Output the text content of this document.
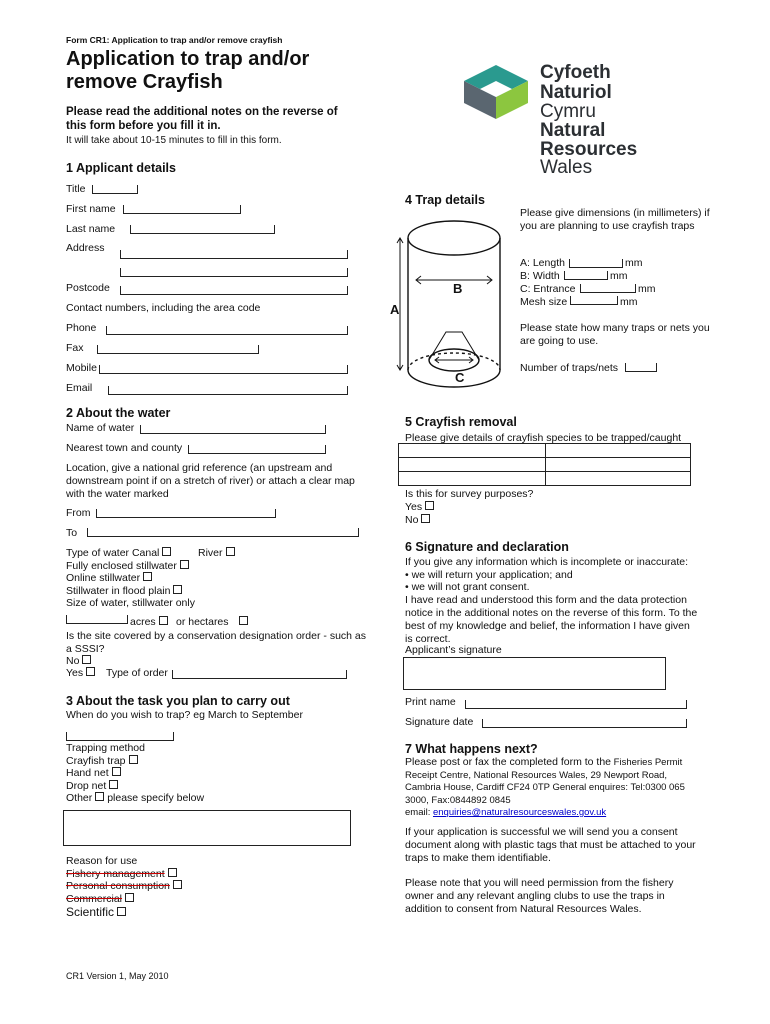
Form CR1: Application to trap and/or remove crayfish
Application to trap and/or
remove Crayfish
Please read the additional notes on the reverse of
this form before you fill it in.
It will take about 10-15 minutes to fill in this form.
Cyfoeth
Naturiol
Cymru
Natural
Resources
Wales
1 Applicant details
Title
First name
Last name
Address
Postcode
Contact numbers, including the area code
Phone
Fax
Mobile
Email
2 About the water
Name of water
Nearest town and county
Location, give a national grid reference (an upstream and downstream point if on a stretch of river) or attach a clear map with the water marked
From
To
Type of water Canal	River
Fully enclosed stillwater
Online stillwater
Stillwater in flood plain
Size of water, stillwater only
acres	or hectares
Is the site covered by a conservation designation order - such as a SSSI?
No
Yes	Type of order
3 About the task you plan to carry out
When do you wish to trap? eg March to September
Trapping method
Crayfish trap
Hand net
Drop net
Other please specify below
Reason for use
Fishery management
Personal consumption
Commercial
Scientific
CR1 Version 1, May 2010
4 Trap details
A
B
C
Please give dimensions (in millimeters) if you are planning to use crayfish traps
A: Length	mm
B: Width	mm
C: Entrance	mm
Mesh size	mm
Please state how many traps or nets you are going to use.
Number of traps/nets
5 Crayfish removal
Please give details of crayfish species to be trapped/caught

Is this for survey purposes?
Yes
No
6 Signature and declaration
If you give any information which is incomplete or inaccurate:
• we will return your application; and
• we will not grant consent.
I have read and understood this form and the data protection notice in the additional notes on the reverse of this form. To the best of my knowledge and belief, the information I have given is correct.
Applicant’s signature
Print name
Signature date
7 What happens next?
Please post or fax the completed form to the Fisheries Permit Receipt Centre, National Resources Wales, 29 Newport Road, Cambria House, Cardiff CF24 0TP General enquires: Tel:0300 065 3000, Fax:0844892 0845
email: enquiries@naturalresourceswales.gov.uk
If your application is successful we will send you a consent document along with plastic tags that must be attached to your traps to make them identifiable.
Please note that you will need permission from the fishery owner and any relevant angling clubs to use the traps in addition to consent from Natural Resources Wales.
